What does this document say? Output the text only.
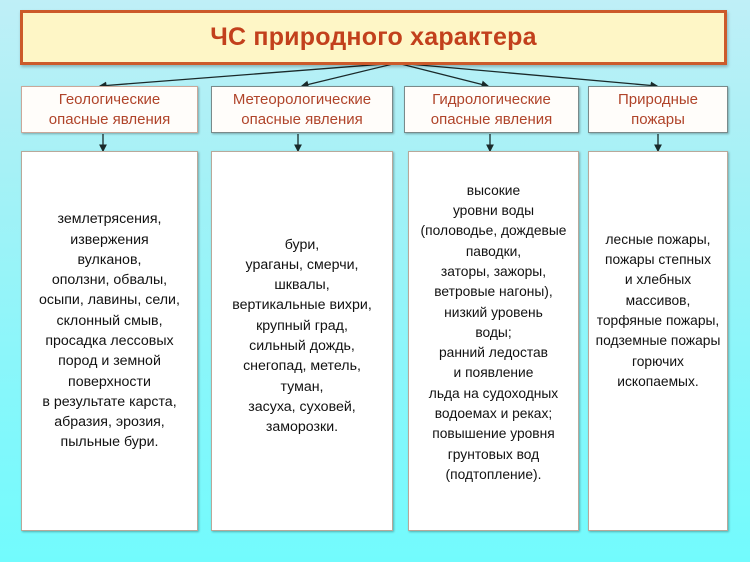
ЧС природного характера
Геологические
опасные явления
Метеорологические
опасные явления
Гидрологические
опасные явления
Природные
пожары
землетрясения,
извержения
вулканов,
оползни, обвалы,
осыпи, лавины, сели,
склонный смыв,
просадка лессовых
пород и земной
поверхности
в результате карста,
абразия, эрозия,
пыльные бури.
бури,
ураганы, смерчи,
шквалы,
вертикальные вихри,
крупный град,
сильный дождь,
снегопад, метель,
туман,
засуха, суховей,
заморозки.
высокие
уровни воды
(половодье, дождевые
паводки,
заторы, зажоры,
ветровые нагоны),
низкий уровень
воды;
ранний ледостав
и появление
льда на судоходных
водоемах и реках;
повышение уровня
грунтовых вод
(подтопление).
лесные пожары,
пожары степных
и хлебных
массивов,
торфяные пожары,
подземные пожары
горючих
ископаемых.
